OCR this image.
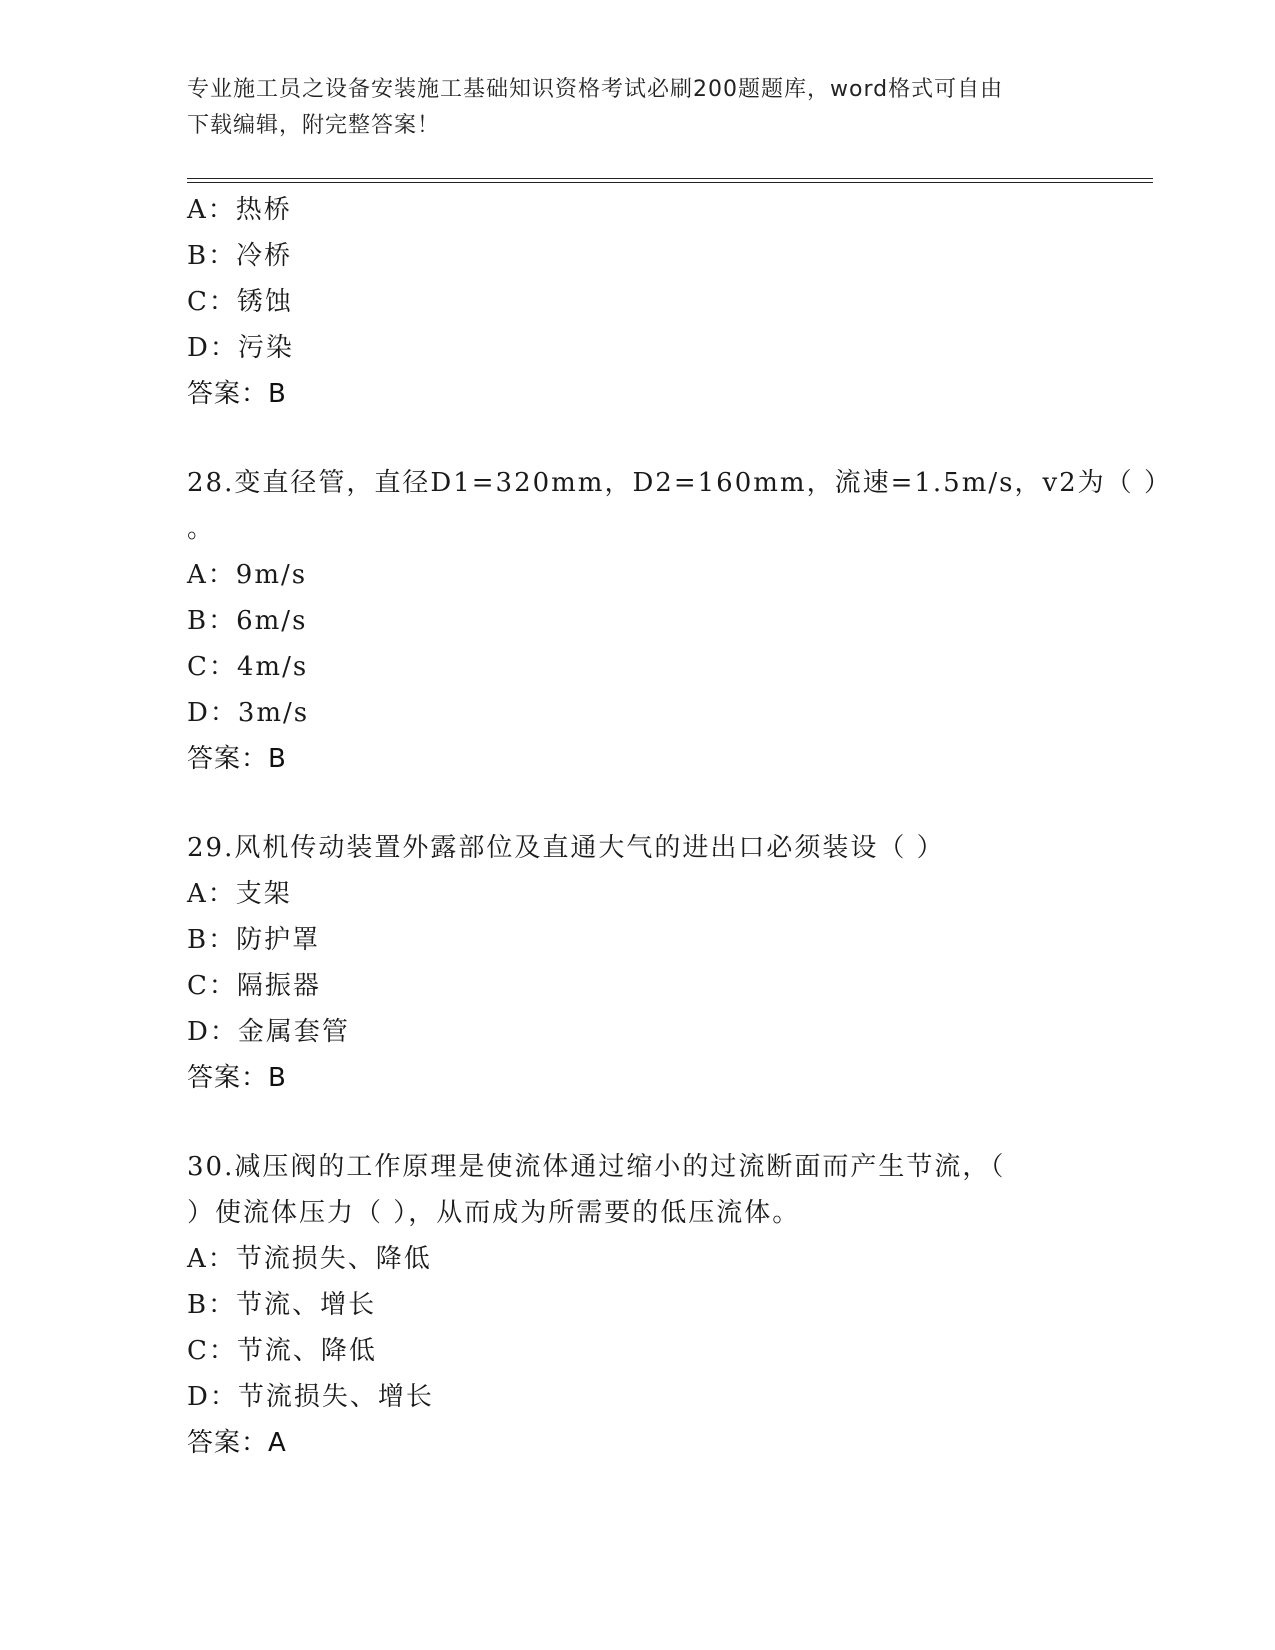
专业施工员之设备安装施工基础知识资格考试必刷200题题库，word格式可自由
下载编辑，附完整答案！
A：热桥
B：冷桥
C：锈蚀
D：污染
答案：B
28.变直径管，直径D1=320mm，D2=160mm，流速=1.5m/s，v2为（ ）
。
A：9m/s
B：6m/s
C：4m/s
D：3m/s
答案：B
29.风机传动装置外露部位及直通大气的进出口必须装设（ ）
A：支架
B：防护罩
C：隔振器
D：金属套管
答案：B
30.减压阀的工作原理是使流体通过缩小的过流断面而产生节流，（
）使流体压力（ ），从而成为所需要的低压流体。
A：节流损失、降低
B：节流、增长
C：节流、降低
D：节流损失、增长
答案：A
